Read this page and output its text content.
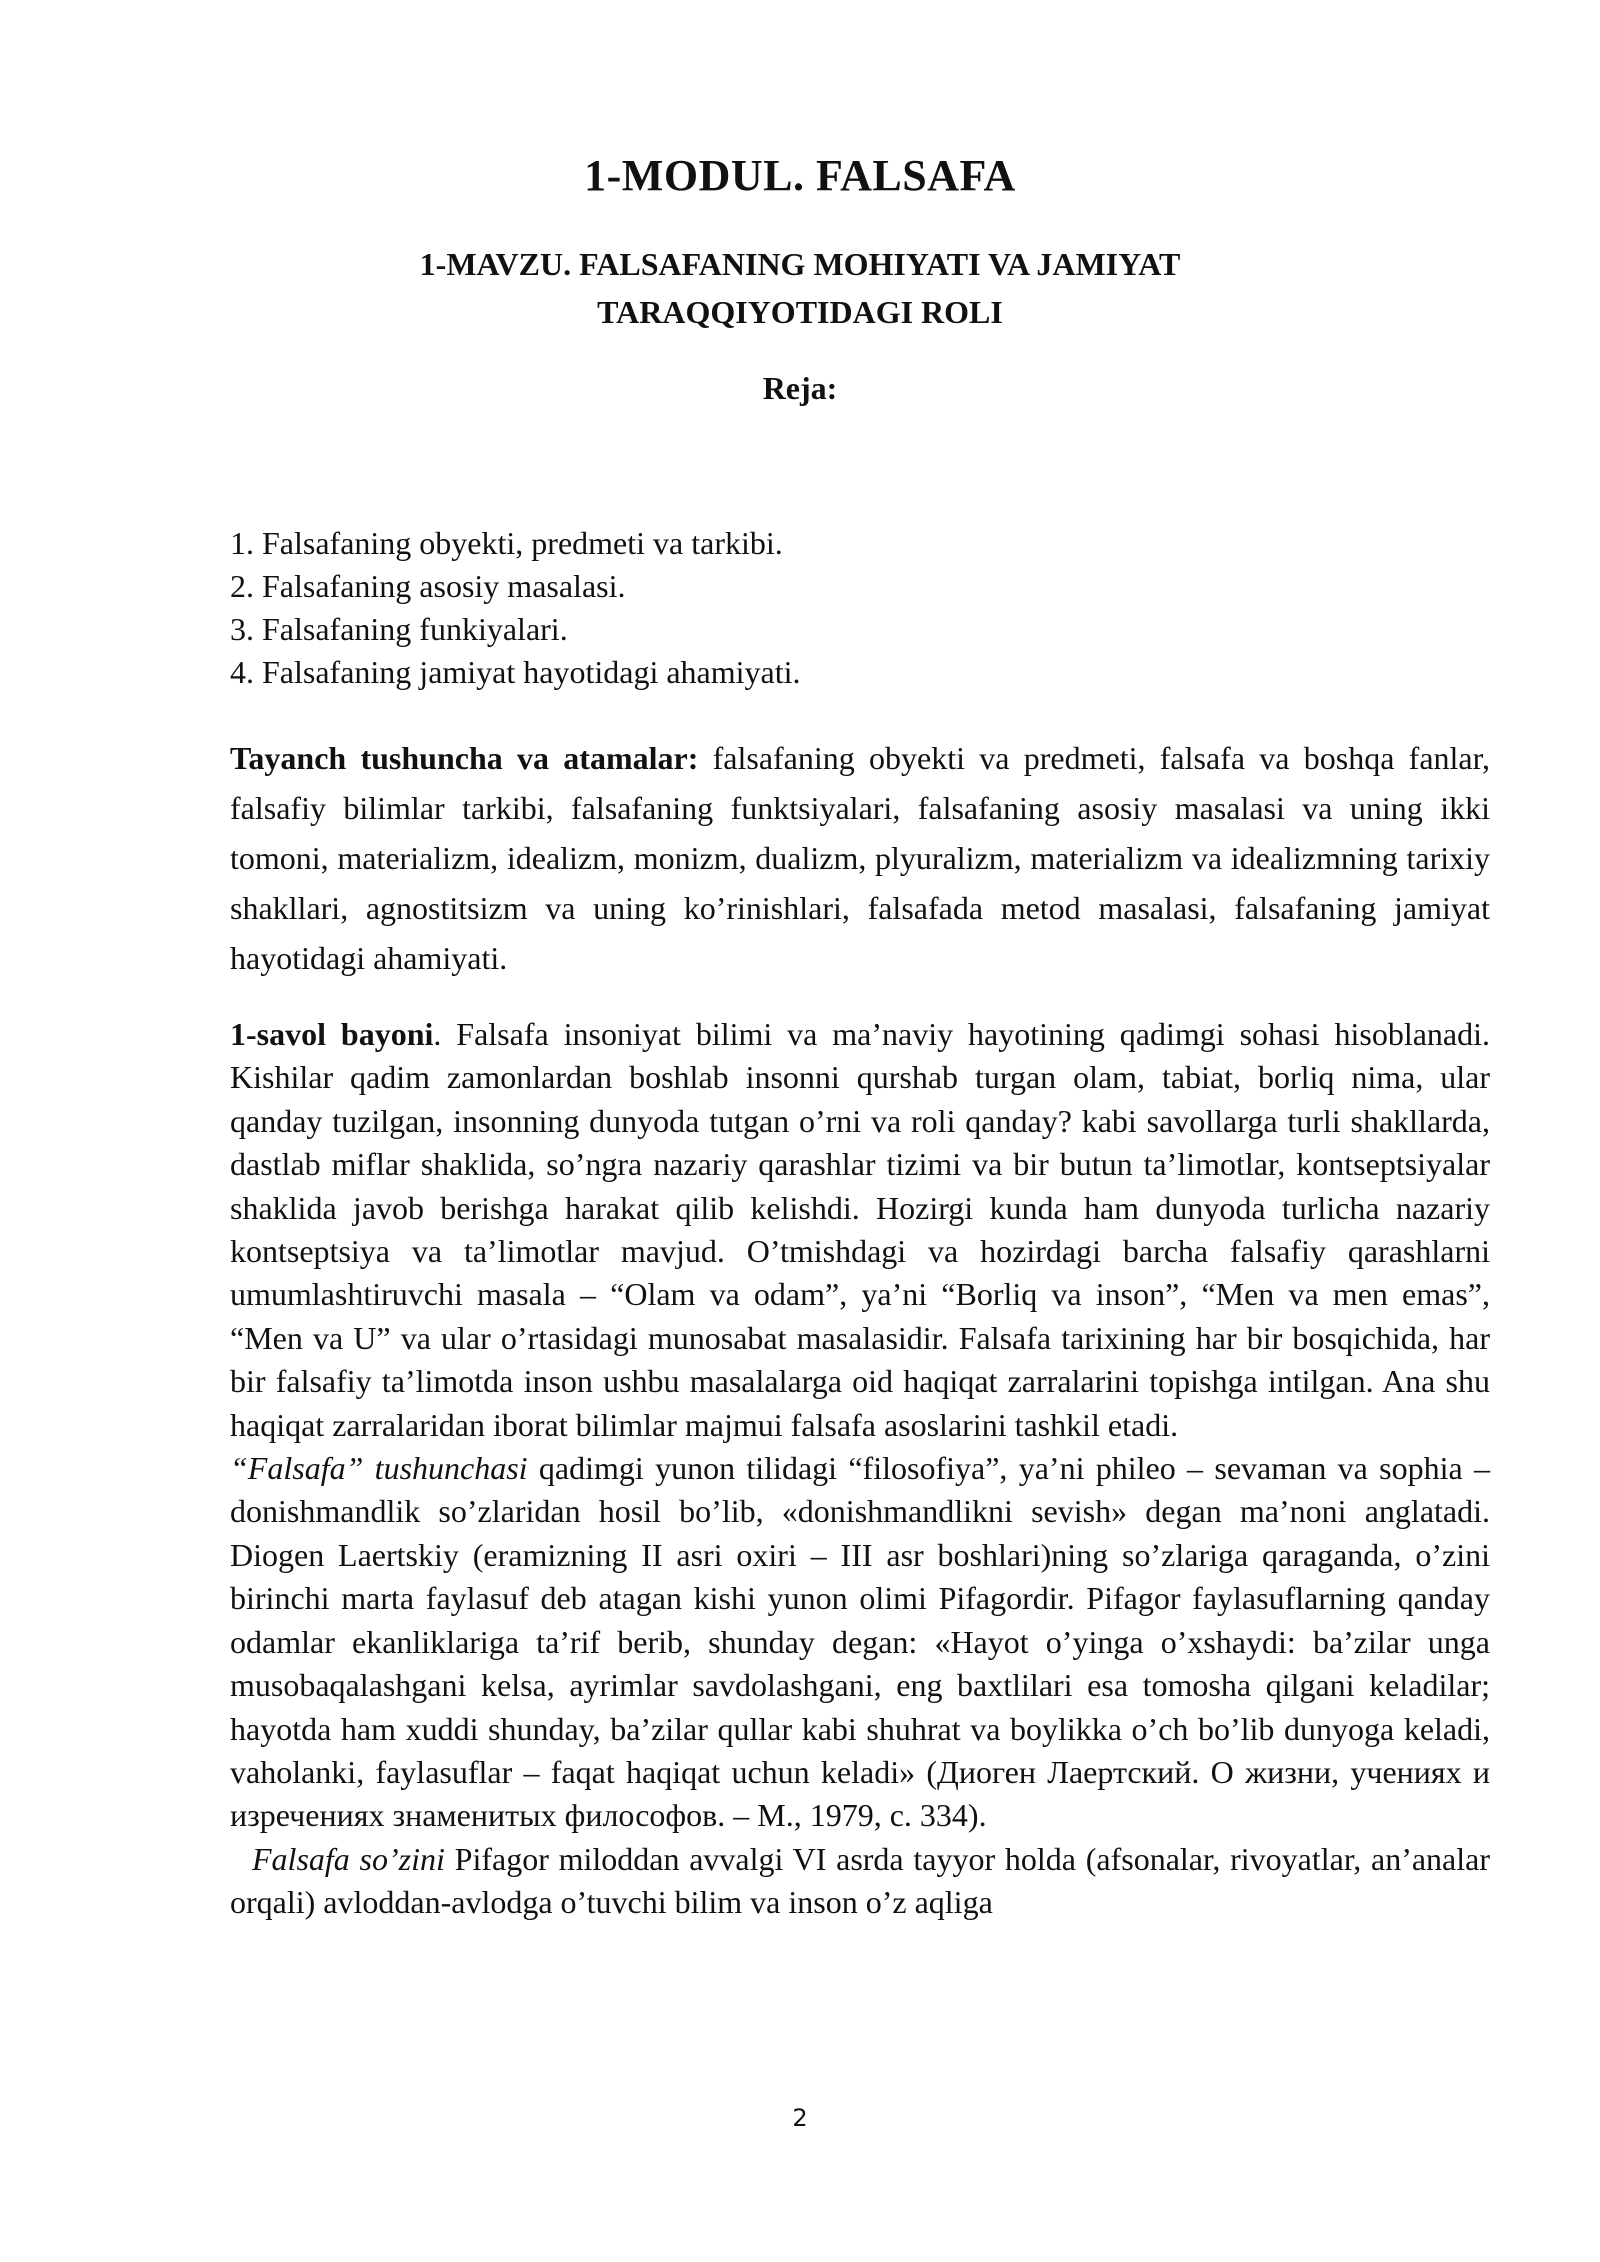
1-MODUL. FALSAFA
1-MAVZU. FALSAFANING MOHIYATI VA JAMIYAT
TARAQQIYOTIDAGI ROLI
Reja:
1. Falsafaning obyekti, predmeti va tarkibi.
2. Falsafaning asosiy masalasi.
3. Falsafaning funkiyalari.
4. Falsafaning jamiyat hayotidagi ahamiyati.

Tayanch tushuncha va atamalar: falsafaning obyekti va predmeti, falsafa va boshqa fanlar, falsafiy bilimlar tarkibi, falsafaning funktsiyalari, falsafaning asosiy masalasi va uning ikki tomoni, materializm, idealizm, monizm, dualizm, plyuralizm, materializm va idealizmning tarixiy shakllari, agnostitsizm va uning ko’rinishlari, falsafada metod masalasi, falsafaning jamiyat hayotidagi ahamiyati.

1-savol bayoni. Falsafa insoniyat bilimi va ma’naviy hayotining qadimgi sohasi hisoblanadi. Kishilar qadim zamonlardan boshlab insonni qurshab turgan olam, tabiat, borliq nima, ular qanday tuzilgan, insonning dunyoda tutgan o’rni va roli qanday? kabi savollarga turli shakllarda, dastlab miflar shaklida, so’ngra nazariy qarashlar tizimi va bir butun ta’limotlar, kontseptsiyalar shaklida javob berishga harakat qilib kelishdi. Hozirgi kunda ham dunyoda turlicha nazariy kontseptsiya va ta’limotlar mavjud. O’tmishdagi va hozirdagi barcha falsafiy qarashlarni umumlashtiruvchi masala – “Olam va odam”, ya’ni “Borliq va inson”, “Men va men emas”, “Men va U” va ular o’rtasidagi munosabat masalasidir. Falsafa tarixining har bir bosqichida, har bir falsafiy ta’limotda inson ushbu masalalarga oid haqiqat zarralarini topishga intilgan. Ana shu haqiqat zarralaridan iborat bilimlar majmui falsafa asoslarini tashkil etadi.

“Falsafa” tushunchasi qadimgi yunon tilidagi “filosofiya”, ya’ni phileo – sevaman va sophia – donishmandlik so’zlaridan hosil bo’lib, «donishmandlikni sevish» degan ma’noni anglatadi. Diogen Laertskiy (eramizning II asri oxiri – III asr boshlari)ning so’zlariga qaraganda, o’zini birinchi marta faylasuf deb atagan kishi yunon olimi Pifagordir. Pifagor faylasuflarning qanday odamlar ekanliklariga ta’rif berib, shunday degan: «Hayot o’yinga o’xshaydi: ba’zilar unga musobaqalashgani kelsa, ayrimlar savdolashgani, eng baxtlilari esa tomosha qilgani keladilar; hayotda ham xuddi shunday, ba’zilar qullar kabi shuhrat va boylikka o’ch bo’lib dunyoga keladi, vaholanki, faylasuflar – faqat haqiqat uchun keladi» (Диоген Лаертский. О жизни, учениях и изречениях знаменитых философов. – М., 1979, с. 334).

Falsafa so’zini Pifagor miloddan avvalgi VI asrda tayyor holda (afsonalar, rivoyatlar, an’analar orqali) avloddan-avlodga o’tuvchi bilim va inson o’z aqliga

2
